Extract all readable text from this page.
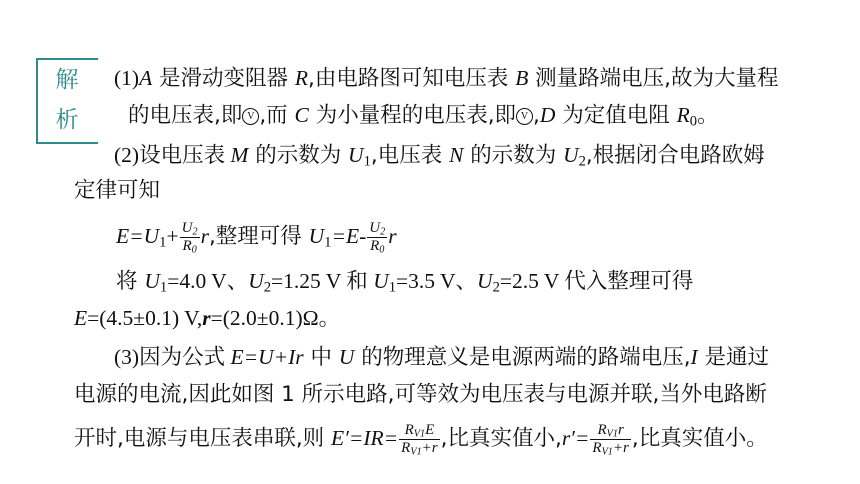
解
析
(1)A 是滑动变阻器 R,由电路图可知电压表 B 测量路端电压,故为大量程
的电压表,即 V ,而 C 为小量程的电压表,即 V ,D 为定值电阻 $R_0$。
(2)设电压表 M 的示数为 $U_1$,电压表 N 的示数为 $U_2$,根据闭合电路欧姆
定律可知
$E=U_1+ \frac{U_2}{R_0} r$,整理可得 $U_1=E- \frac{U_2}{R_0}$ r
将 $U_1=4.0$ V、$U_2=1.25$ V 和 $U_1=3.5$ V、$U_2=2.5$ V 代入整理可得
E=(4.5±0.1) V,r=(2.0±0.1)Ω。
(3)因为公式 E=U+Ir 中 U 的物理意义是电源两端的路端电压,I 是通过
电源的电流,因此如图 1 所示电路,可等效为电压表与电源并联,当外电路断
开时,电源与电压表串联,则 $E'=IR= \frac{R_{V1}E}{R_{V1}+r}$ ,比真实值小$,r'= \frac{R_{V1}r}{R_{V1}+r}$ ,比真实值小。
